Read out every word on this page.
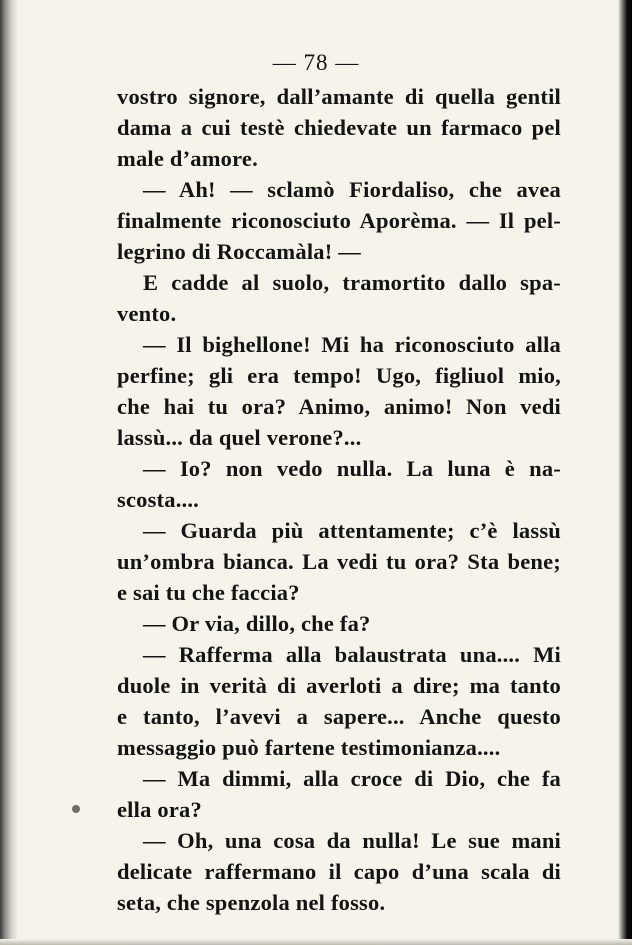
— 78 —
vostro signore, dall’amante di quella gentil
dama a cui testè chiedevate un farmaco pel
male d’amore.
— Ah! — sclamò Fiordaliso, che avea
finalmente riconosciuto Aporèma. — Il pel-
legrino di Roccamàla! —
E cadde al suolo, tramortito dallo spa-
vento.
— Il bighellone! Mi ha riconosciuto alla
perfine; gli era tempo! Ugo, figliuol mio,
che hai tu ora? Animo, animo! Non vedi
lassù... da quel verone?...
— Io? non vedo nulla. La luna è na-
scosta....
— Guarda più attentamente; c’è lassù
un’ombra bianca. La vedi tu ora? Sta bene;
e sai tu che faccia?
— Or via, dillo, che fa?
— Rafferma alla balaustrata una.... Mi
duole in verità di averloti a dire; ma tanto
e tanto, l’avevi a sapere... Anche questo
messaggio può fartene testimonianza....
— Ma dimmi, alla croce di Dio, che fa
ella ora?
— Oh, una cosa da nulla! Le sue mani
delicate raffermano il capo d’una scala di
seta, che spenzola nel fosso.
